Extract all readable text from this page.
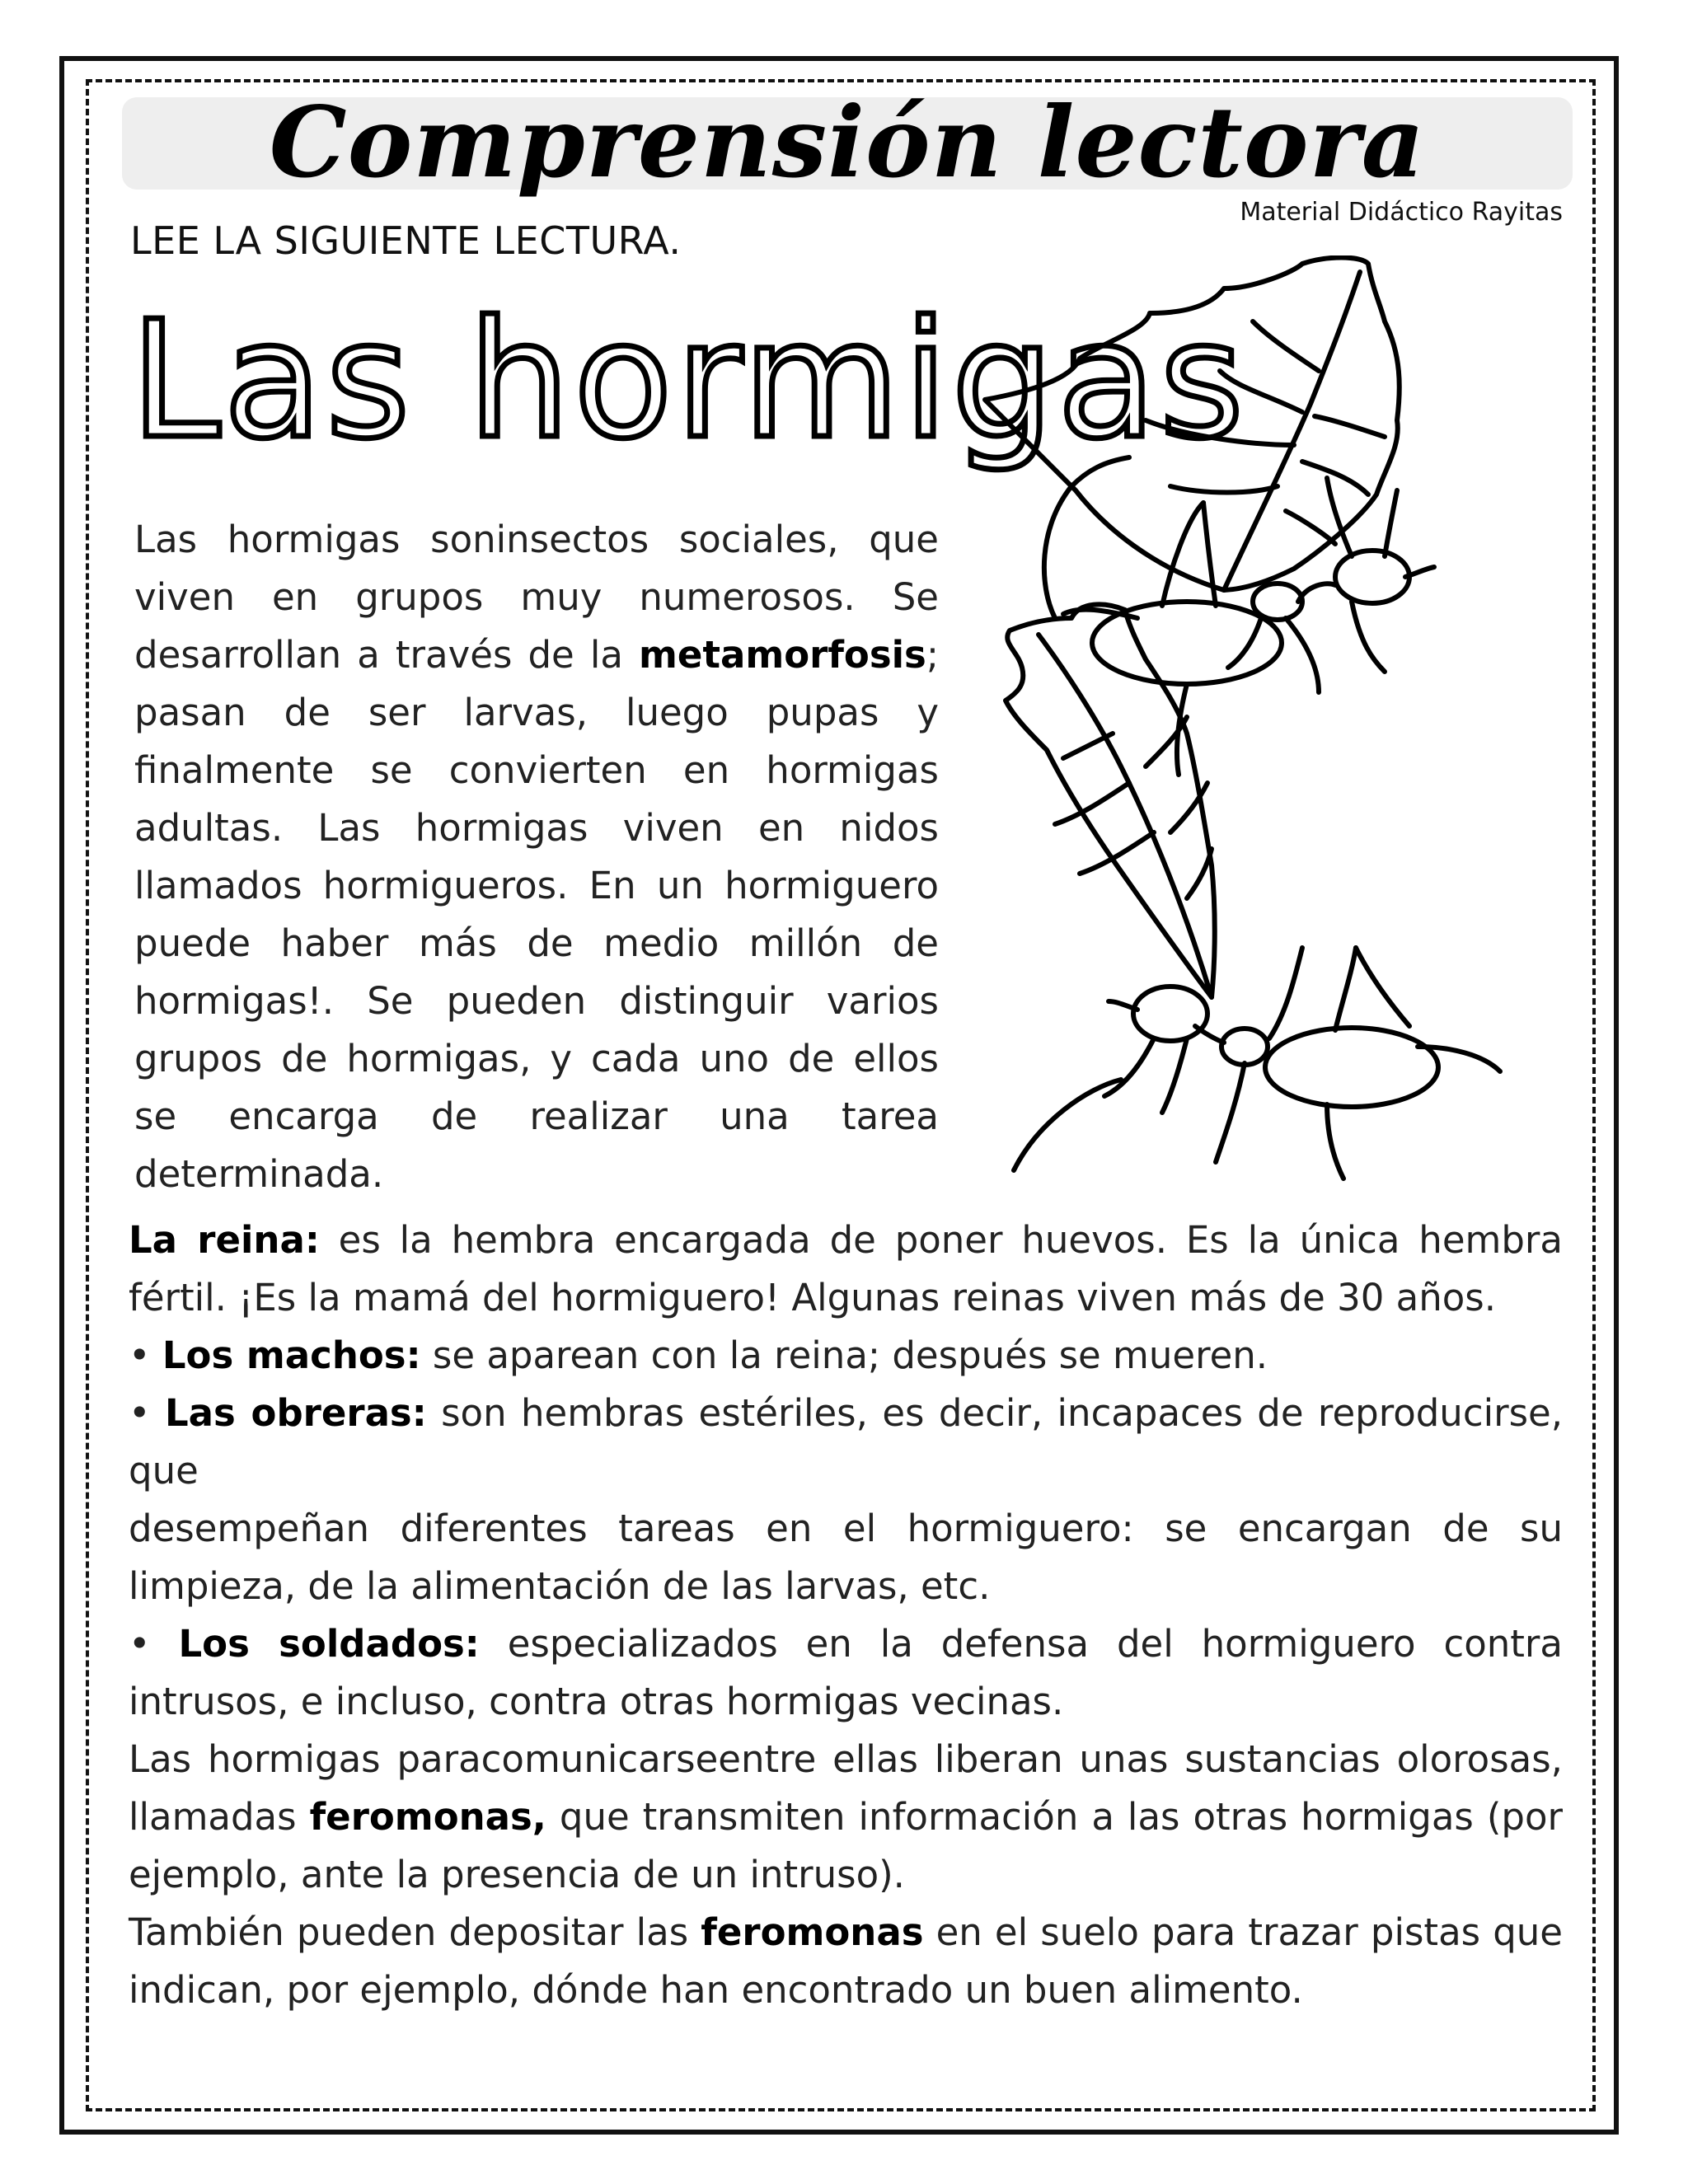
Comprensión lectora
Material Didáctico Rayitas
LEE LA SIGUIENTE LECTURA.
Las hormigas
Las hormigas soninsectos sociales, que viven en grupos muy numerosos. Se desarrollan a través de la metamorfosis; pasan de ser larvas, luego pupas y finalmente se convierten en hormigas adultas. Las hormigas viven en nidos llamados hormigueros. En un hormiguero puede haber más de medio millón de hormigas!. Se pueden distinguir varios grupos de hormigas, y cada uno de ellos se encarga de realizar una tarea determinada.

La reina: es la hembra encargada de poner huevos. Es la única hembra fértil. ¡Es la mamá del hormiguero! Algunas reinas viven más de 30 años.

• Los machos: se aparean con la reina; después se mueren.

• Las obreras: son hembras estériles, es decir, incapaces de reproducirse, que

desempeñan diferentes tareas en el hormiguero: se encargan de su limpieza, de la alimentación de las larvas, etc.

• Los soldados: especializados en la defensa del hormiguero contra intrusos, e incluso, contra otras hormigas vecinas.

Las hormigas paracomunicarseentre ellas liberan unas sustancias olorosas, llamadas feromonas, que transmiten información a las otras hormigas (por ejemplo, ante la presencia de un intruso).

También pueden depositar las feromonas en el suelo para trazar pistas que indican, por ejemplo, dónde han encontrado un buen alimento.
